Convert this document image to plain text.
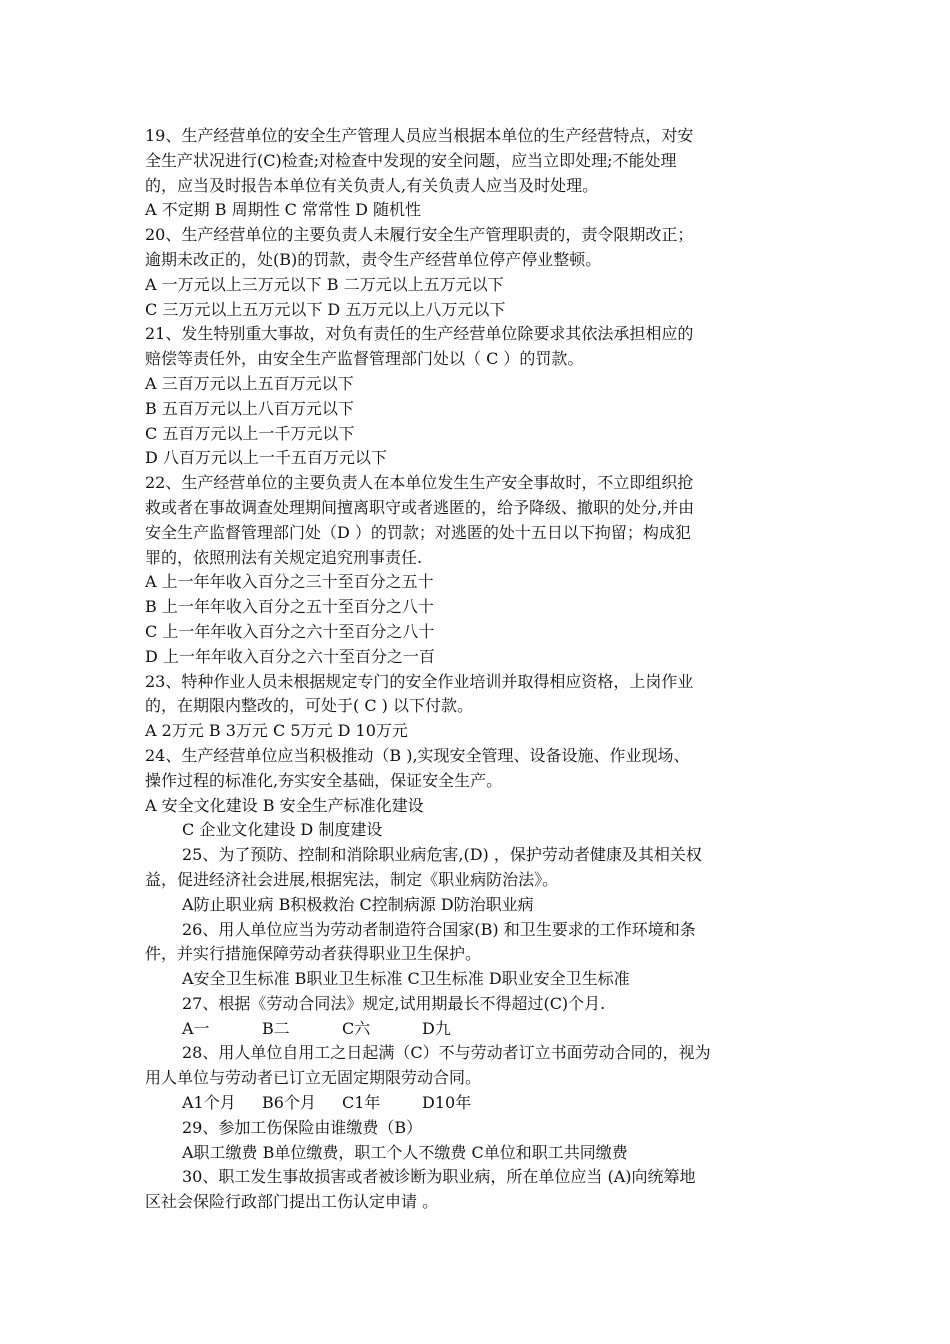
19、生产经营单位的安全生产管理人员应当根据本单位的生产经营特点，对安
全生产状况进行(C)检查;对检查中发现的安全问题，应当立即处理;不能处理
的，应当及时报告本单位有关负责人,有关负责人应当及时处理。
A 不定期 B 周期性 C 常常性 D 随机性
20、生产经营单位的主要负责人未履行安全生产管理职责的，责令限期改正；
逾期未改正的，处(B)的罚款，责令生产经营单位停产停业整顿。
A 一万元以上三万元以下 B 二万元以上五万元以下
C 三万元以上五万元以下 D 五万元以上八万元以下
21、发生特别重大事故，对负有责任的生产经营单位除要求其依法承担相应的
赔偿等责任外，由安全生产监督管理部门处以（ C ）的罚款。
A 三百万元以上五百万元以下
B 五百万元以上八百万元以下
C 五百万元以上一千万元以下
D 八百万元以上一千五百万元以下
22、生产经营单位的主要负责人在本单位发生生产安全事故时，不立即组织抢
救或者在事故调查处理期间擅离职守或者逃匿的，给予降级、撤职的处分,并由
安全生产监督管理部门处（D ）的罚款；对逃匿的处十五日以下拘留；构成犯
罪的，依照刑法有关规定追究刑事责任.
A 上一年年收入百分之三十至百分之五十
B 上一年年收入百分之五十至百分之八十
C 上一年年收入百分之六十至百分之八十
D 上一年年收入百分之六十至百分之一百
23、特种作业人员未根据规定专门的安全作业培训并取得相应资格，上岗作业
的，在期限内整改的，可处于( C ) 以下付款。
A 2万元 B 3万元 C 5万元 D 10万元
24、生产经营单位应当积极推动（B ),实现安全管理、设备设施、作业现场、
操作过程的标准化,夯实安全基础，保证安全生产。
A 安全文化建设 B 安全生产标准化建设
C 企业文化建设 D 制度建设
25、为了预防、控制和消除职业病危害,(D) ，保护劳动者健康及其相关权
益，促进经济社会进展,根据宪法，制定《职业病防治法》。
A防止职业病 B积极救治 C控制病源 D防治职业病
26、用人单位应当为劳动者制造符合国家(B) 和卫生要求的工作环境和条
件，并实行措施保障劳动者获得职业卫生保护。
A安全卫生标准 B职业卫生标准 C卫生标准 D职业安全卫生标准
27、根据《劳动合同法》规定,试用期最长不得超过(C)个月.
A一	B二	C六	D九
28、用人单位自用工之日起满（C）不与劳动者订立书面劳动合同的，视为
用人单位与劳动者已订立无固定期限劳动合同。
A1个月 B6个月 C1年	D10年
29、参加工伤保险由谁缴费（B）
A职工缴费 B单位缴费，职工个人不缴费 C单位和职工共同缴费
30、职工发生事故损害或者被诊断为职业病，所在单位应当 (A)向统筹地
区社会保险行政部门提出工伤认定申请 。
